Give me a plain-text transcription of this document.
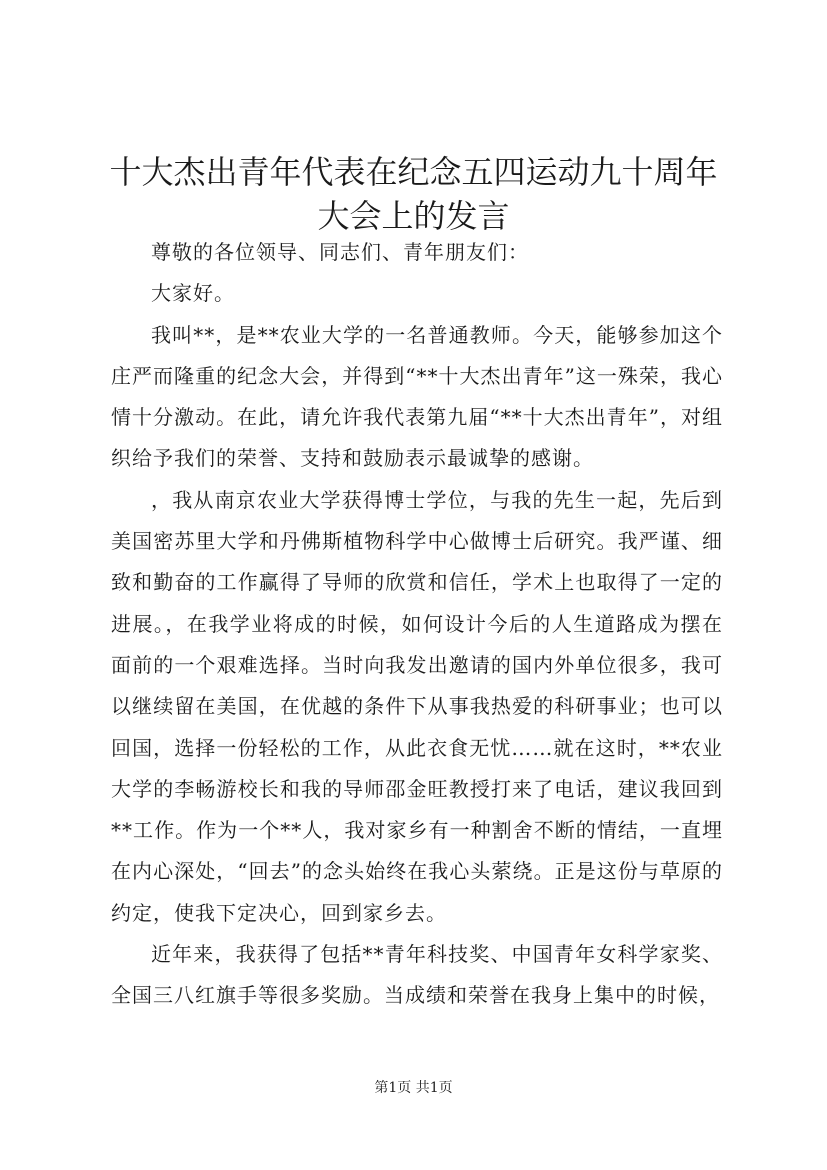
十大杰出青年代表在纪念五四运动九十周年大会上的发言

尊敬的各位领导、同志们、青年朋友们：

大家好。

我叫**，是**农业大学的一名普通教师。今天，能够参加这个庄严而隆重的纪念大会，并得到“**十大杰出青年”这一殊荣，我心情十分激动。在此，请允许我代表第九届“**十大杰出青年”，对组织给予我们的荣誉、支持和鼓励表示最诚挚的感谢。

，我从南京农业大学获得博士学位，与我的先生一起，先后到美国密苏里大学和丹佛斯植物科学中心做博士后研究。我严谨、细致和勤奋的工作赢得了导师的欣赏和信任，学术上也取得了一定的进展。，在我学业将成的时候，如何设计今后的人生道路成为摆在面前的一个艰难选择。当时向我发出邀请的国内外单位很多，我可以继续留在美国，在优越的条件下从事我热爱的科研事业；也可以回国，选择一份轻松的工作，从此衣食无忧……就在这时，**农业大学的李畅游校长和我的导师邵金旺教授打来了电话，建议我回到**工作。作为一个**人，我对家乡有一种割舍不断的情结，一直埋在内心深处，“回去”的念头始终在我心头萦绕。正是这份与草原的约定，使我下定决心，回到家乡去。

近年来，我获得了包括**青年科技奖、中国青年女科学家奖、全国三八红旗手等很多奖励。当成绩和荣誉在我身上集中的时候，

第1页 共1页
